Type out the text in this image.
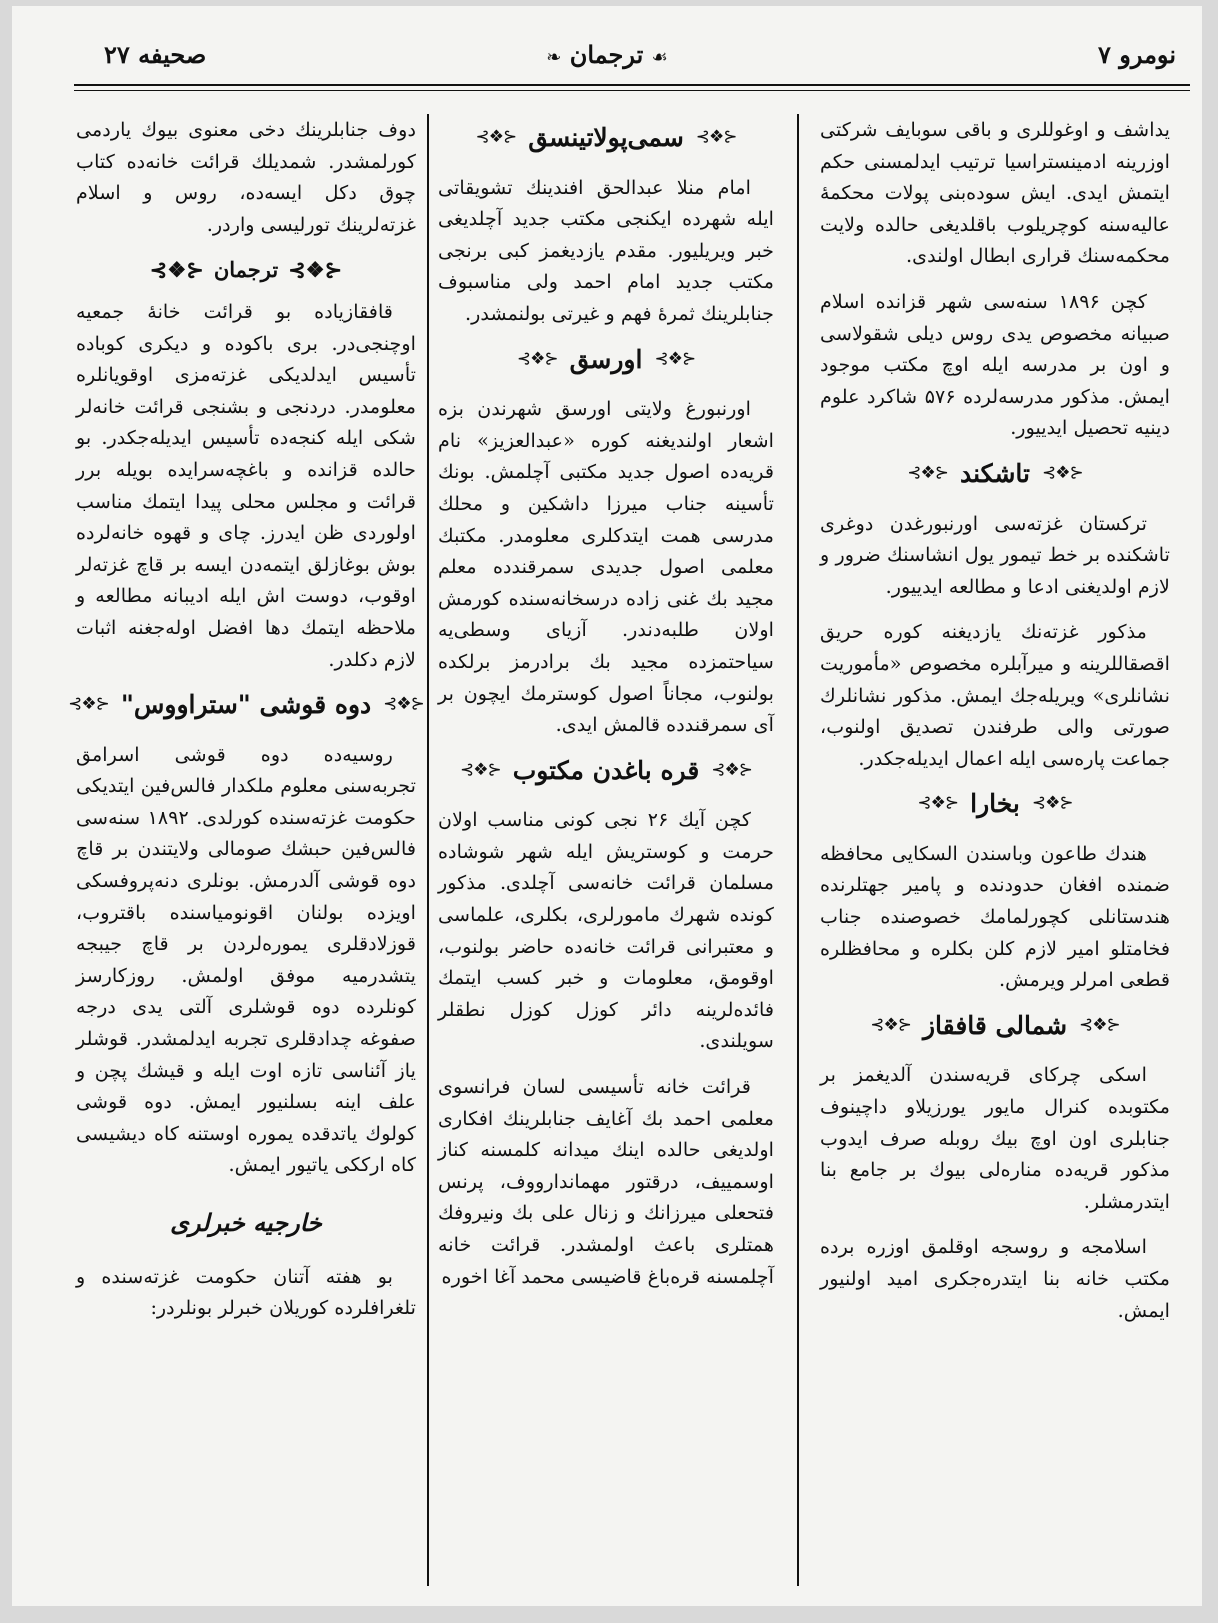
صحیفه ۲۷	❧ ترجمان ☙	نومرو ۷

یداشف و اوغوللری و باقی سوبایف شرکتی اوزرینه ادمینستراسیا ترتیب ایدلمسنی حکم ایتمش ایدی. ایش سوده‌بنی پولات محکمهٔ عالیه‌سنه کوچریلوب باقلدیغی حالده ولایت محکمه‌سنك قراری ابطال اولندی.

کچن ۱۸۹۶ سنه‌سی شهر قزانده اسلام صبیانه مخصوص یدی روس دیلی شقولاسی و اون بر مدرسه ایله اوچ مکتب موجود ایمش. مذکور مدرسه‌لرده ۵۷۶ شاکرد علوم دینیه تحصیل ایدییور.

⊰❖⊱
تاشکند
⊰❖⊱

ترکستان غزته‌سی اورنبورغدن دوغری تاشکنده بر خط تیمور یول انشاسنك ضرور و لازم اولدیغنی ادعا و مطالعه ایدییور.

مذکور غزته‌نك یازدیغنه کوره حریق اقصقاللرینه و میرآبلره مخصوص «مأموریت نشانلری» ویریله‌جك ایمش. مذکور نشانلرك صورتی والی طرفندن تصدیق اولنوب، جماعت پاره‌سی ایله اعمال ایدیله‌جکدر.

⊰❖⊱
بخارا
⊰❖⊱

هندك طاعون وباسندن السکایی محافظه ضمنده افغان حدودنده و پامیر جهتلرنده هندستانلی کچورلمامك خصوصنده جناب فخامتلو امیر لازم کلن بکلره و محافظلره قطعی امرلر ویرمش.

⊰❖⊱
شمالی قافقاز
⊰❖⊱

اسکی چرکای قریه‌سندن آلدیغمز بر مکتوبده کنرال مایور یورزیلاو داچینوف جنابلری اون اوچ بیك روبله صرف ایدوب مذکور قریه‌ده مناره‌لی بیوك بر جامع بنا ایتدرمشلر.

اسلامجه و روسجه اوقلمق اوزره برده مکتب خانه بنا ایتدره‌جکری امید اولنیور ایمش.

⊰❖⊱
سمی‌پولاتینسق
⊰❖⊱

امام منلا عبدالحق افندینك تشویقاتی ایله شهرده ایکنجی مکتب جدید آچلدیغی خبر ویریلیور. مقدم یازدیغمز کبی برنجی مکتب جدید امام احمد ولی مناسبوف جنابلرینك ثمرهٔ فهم و غیرتی بولنمشدر.

⊰❖⊱
اورسق
⊰❖⊱

اورنبورغ ولایتی اورسق شهرندن بزه اشعار اولندیغنه کوره «عبدالعزیز» نام قریه‌ده اصول جدید مکتبی آچلمش. بونك تأسینه جناب میرزا داشکین و محلك مدرسی همت ایتدکلری معلومدر. مکتبك معلمی اصول جدیدی سمرقندده معلم مجید بك غنی زاده درسخانه‌سنده کورمش اولان طلبه‌دندر. آزیای وسطی‌یه سیاحتمزده مجید بك برادرمز برلکده بولنوب، مجاناً اصول کوسترمك ایچون بر آی سمرقندده قالمش ایدی.

⊰❖⊱
قره باغدن مکتوب
⊰❖⊱

کچن آیك ۲۶ نجی کونی مناسب اولان حرمت و کوستریش ایله شهر شوشاده مسلمان قرائت خانه‌سی آچلدی. مذکور کونده شهرك مامورلری، بکلری، علماسی و معتبرانی قرائت خانه‌ده حاضر بولنوب، اوقومق، معلومات و خبر کسب ایتمك فائده‌لرینه دائر کوزل کوزل نطقلر سویلندی.

قرائت خانه تأسیسی لسان فرانسوی معلمی احمد بك آغایف جنابلرینك افکاری اولدیغی حالده اینك میدانه کلمسنه کناز اوسمییف، درقتور مهماندارووف، پرنس فتحعلی میرزانك و زنال علی بك ونیروفك همتلری باعث اولمشدر. قرائت خانه آچلمسنه قره‌باغ قاضیسی محمد آغا اخوره

دوف جنابلرینك دخی معنوی بیوك یاردمی کورلمشدر. شمدیلك قرائت خانه‌ده کتاب چوق دکل ایسه‌ده، روس و اسلام غزته‌لرینك تورلیسی واردر.

⊰❖⊱
ترجمان
⊰❖⊱

قافقازیاده بو قرائت خانهٔ جمعیه اوچنجی‌در. بری باکوده و دیکری کوباده تأسیس ایدلدیکی غزته‌مزی اوقویانلره معلومدر. دردنجی و بشنجی قرائت خانه‌لر شکی ایله کنجه‌ده تأسیس ایدیله‌جکدر. بو حالده قزانده و باغچه‌سرایده بویله برر قرائت و مجلس محلی پیدا ایتمك مناسب اولوردی ظن ایدرز. چای و قهوه خانه‌لرده بوش بوغازلق ایتمه‌دن ایسه بر قاچ غزته‌لر اوقوب، دوست اش ایله ادیبانه مطالعه و ملاحظه ایتمك دها افضل اوله‌جغنه اثبات لازم دکلدر.

⊰❖⊱
دوه قوشی "ستراووس"
⊰❖⊱

روسیه‌ده دوه قوشی اسرامق تجربه‌سنی معلوم ملکدار فالس‌فین ایتدیکی حکومت غزته‌سنده کورلدی. ۱۸۹۲ سنه‌سی فالس‌فین حبشك صومالی ولایتندن بر قاچ دوه قوشی آلدرمش. بونلری دنه‌پروفسکی اویزده بولنان اقونومیاسنده باقتروب، قوزلادقلری یموره‌لردن بر قاچ جیبجه یتشدرمیه موفق اولمش. روزکارسز کونلرده دوه قوشلری آلتی یدی درجه صفوغه چدادقلری تجربه ایدلمشدر. قوشلر یاز آئناسی تازه اوت ایله و قیشك پچن و علف اینه بسلنیور ایمش. دوه قوشی کولوك یاتدقده یموره اوستنه کاه دیشیسی کاه ارککی یاتیور ایمش.

خارجیه خبرلری

بو هفته آتنان حکومت غزته‌سنده و تلغرافلرده کوریلان خبرلر بونلردر:
